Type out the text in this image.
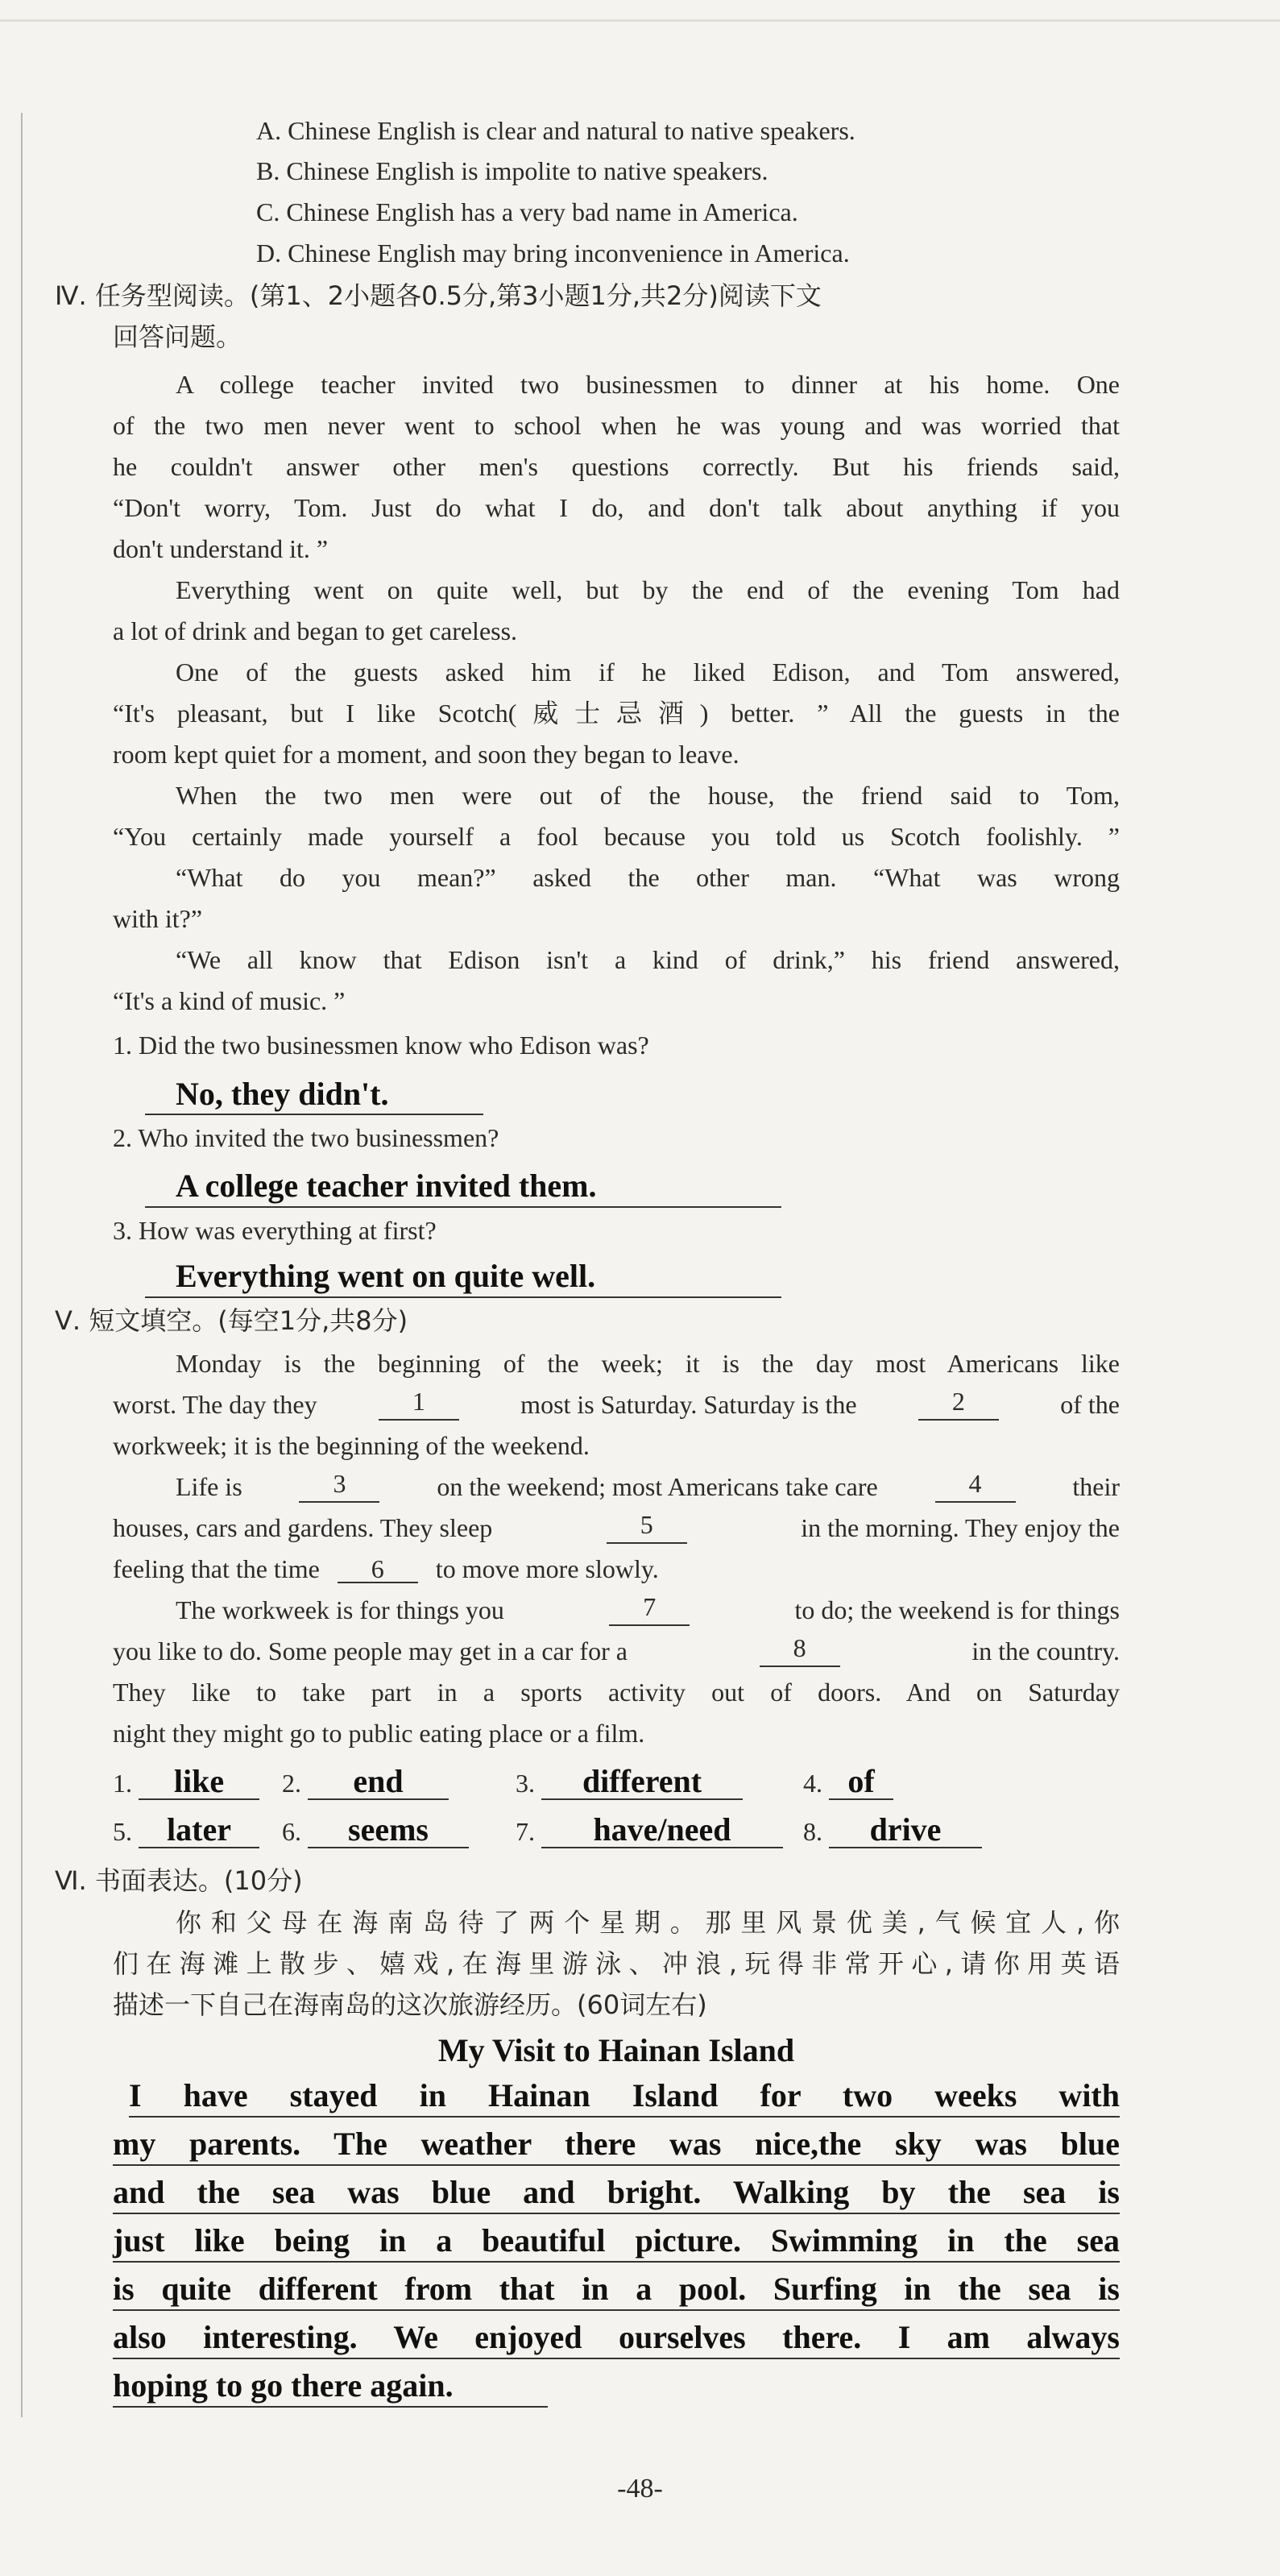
A. Chinese English is clear and natural to native speakers.
B. Chinese English is impolite to native speakers.
C. Chinese English has a very bad name in America.
D. Chinese English may bring inconvenience in America.
Ⅳ. 任务型阅读。(第1、2小题各0.5分,第3小题1分,共2分)阅读下文
回答问题。
A college teacher invited two businessmen to dinner at his home. One
of the two men never went to school when he was young and was worried that
he couldn't answer other men's questions correctly. But his friends said,
“Don't worry, Tom. Just do what I do, and don't talk about anything if you
don't understand it. ”
Everything went on quite well, but by the end of the evening Tom had
a lot of drink and began to get careless.
One of the guests asked him if he liked Edison, and Tom answered,
“It's pleasant, but I like Scotch(威士忌酒) better. ” All the guests in the
room kept quiet for a moment, and soon they began to leave.
When the two men were out of the house, the friend said to Tom,
“You certainly made yourself a fool because you told us Scotch foolishly. ”
“What do you mean?” asked the other man. “What was wrong
with it?”
“We all know that Edison isn't a kind of drink,” his friend answered,
“It's a kind of music. ”
1. Did the two businessmen know who Edison was?
No, they didn't.
2. Who invited the two businessmen?
A college teacher invited them.
3. How was everything at first?
Everything went on quite well.
Ⅴ. 短文填空。(每空1分,共8分)
Monday is the beginning of the week; it is the day most Americans like
worst. The day they	1	most is Saturday. Saturday is the	2	of the
workweek; it is the beginning of the weekend.
Life is	3	on the weekend; most Americans take care	4	their
houses, cars and gardens. They sleep	5	in the morning. They enjoy the
feeling that the time 6 to move more slowly.
The workweek is for things you	7	to do; the weekend is for things
you like to do. Some people may get in a car for a	8	in the country.
They like to take part in a sports activity out of doors. And on Saturday
night they might go to public eating place or a film.
1. like	2. end	3. different	4. of
5. later	6. seems	7. have/need	8. drive
Ⅵ. 书面表达。(10分)
你和父母在海南岛待了两个星期。那里风景优美,气候宜人,你
们在海滩上散步、嬉戏,在海里游泳、冲浪,玩得非常开心,请你用英语
描述一下自己在海南岛的这次旅游经历。(60词左右)
My Visit to Hainan Island
I have stayed in Hainan Island for two weeks with
my parents. The weather there was nice,the sky was blue
and the sea was blue and bright. Walking by the sea is
just like being in a beautiful picture. Swimming in the sea
is quite different from that in a pool. Surfing in the sea is
also interesting. We enjoyed ourselves there. I am always
hoping to go there again.
-48-
